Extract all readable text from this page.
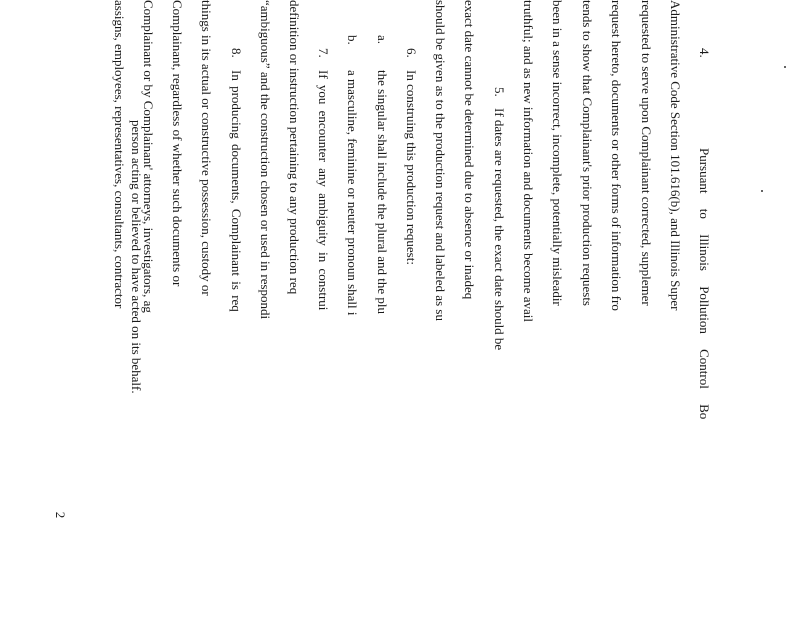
4.
Pursuant to Illinois Pollution Control Bo
Administrative Code Section 101.616(b), and Illinois Super
requested to serve upon Complainant corrected, supplemer
request hereto, documents or other forms of information fro
tends to show that Complainant's prior production requests
been in a sense incorrect, incomplete, potentially misleadir
truthful; and as new information and documents become avail
5.
If dates are requested, the exact date should be
exact date cannot be determined due to absence or inadeq
should be given as to the production request and labeled as su
6.
In construing this production request:
a.
the singular shall include the plural and the plu
b.
a masculine, feminine or neuter pronoun shall i
7.
If you encounter any ambiguity in construi
definition or instruction pertaining to any production req
“ambiguous” and the construction chosen or used in respondi
8.
In producing documents, Complainant is req
things in its actual or constructive possession, custody or
Complainant, regardless of whether such documents or
Complainant or by Complainant' attorneys, investigators, ag
assigns, employees, representatives, consultants, contractor person acting or believed to have acted on its behalf.
2
